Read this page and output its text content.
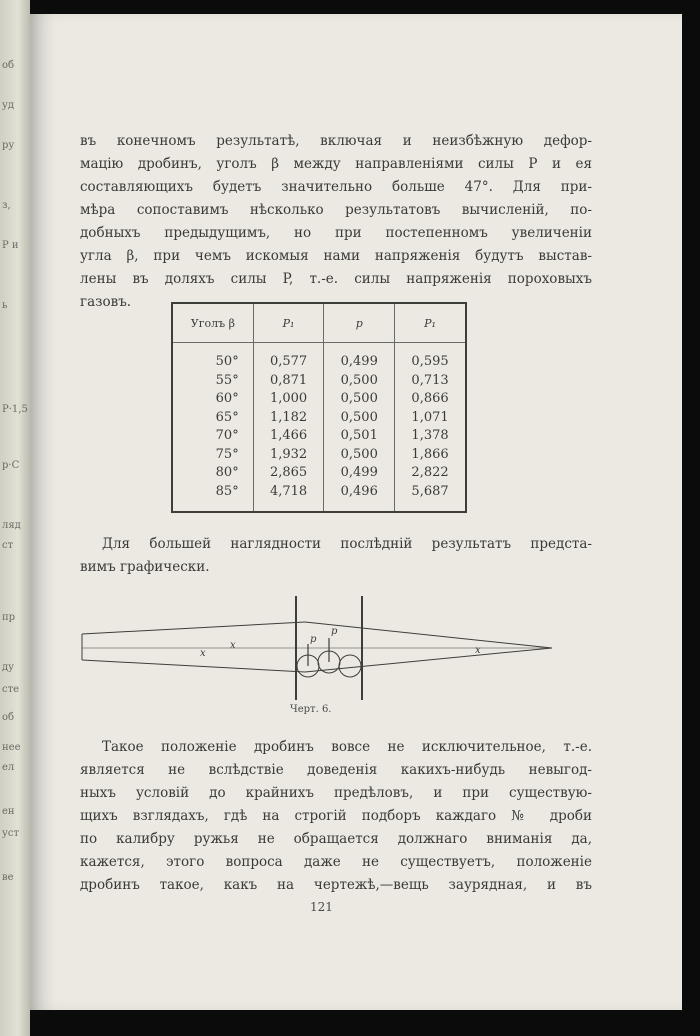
об
уд
ру
з,
P и
ь
P·1,5
р·С
ляд
ст
пр
ду
сте
об
нее
ел
ен
уст
ве

въ конечномъ результатѣ, включая и неизбѣжную дефор-
мацію дробинъ, уголъ β между направленіями силы P и ея
составляющихъ будетъ значительно больше 47°. Для при-
мѣра сопоставимъ нѣсколько результатовъ вычисленій, по-
добныхъ предыдущимъ, но при постепенномъ увеличеніи
угла β, при чемъ искомыя нами напряженія будутъ выстав-
лены въ доляхъ силы P, т.-е. силы напряженія пороховыхъ
газовъ.

Уголъ β	P₁	p	P₁

50°	0,577	0,499	0,595
55°	0,871	0,500	0,713
60°	1,000	0,500	0,866
65°	1,182	0,500	1,071
70°	1,466	0,501	1,378
75°	1,932	0,500	1,866
80°	2,865	0,499	2,822
85°	4,718	0,496	5,687

Для большей наглядности послѣдній результатъ предста-
вимъ графически.

x
x	x
p
p
Черт. 6.

Такое положеніе дробинъ вовсе не исключительное, т.-е.
является не вслѣдствіе доведенія какихъ-нибудь невыгод-
ныхъ условій до крайнихъ предѣловъ, и при существую-
щихъ взглядахъ, гдѣ на строгій подборъ каждаго № дроби
по калибру ружья не обращается должнаго вниманія да,
кажется, этого вопроса даже не существуетъ, положеніе
дробинъ такое, какъ на чертежѣ,—вещь заурядная, и въ

121
